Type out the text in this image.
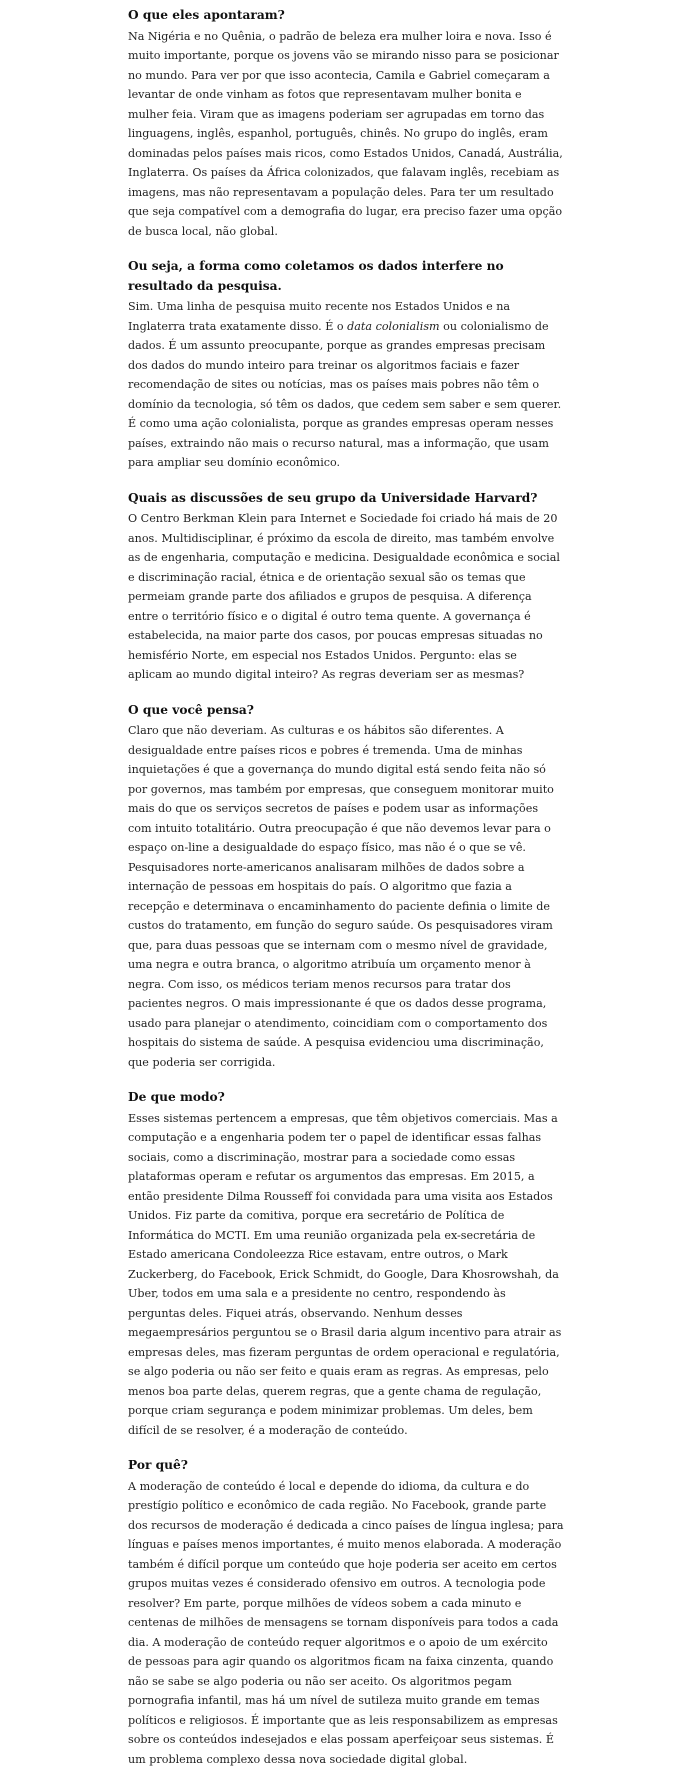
O que eles apontaram?

Na Nigéria e no Quênia, o padrão de beleza era mulher loira e nova. Isso é muito importante, porque os jovens vão se mirando nisso para se posicionar no mundo. Para ver por que isso acontecia, Camila e Gabriel começaram a levantar de onde vinham as fotos que representavam mulher bonita e mulher feia. Viram que as imagens poderiam ser agrupadas em torno das linguagens, inglês, espanhol, português, chinês. No grupo do inglês, eram dominadas pelos países mais ricos, como Estados Unidos, Canadá, Austrália, Inglaterra. Os países da África colonizados, que falavam inglês, recebiam as imagens, mas não representavam a população deles. Para ter um resultado que seja compatível com a demografia do lugar, era preciso fazer uma opção de busca local, não global.

Ou seja, a forma como coletamos os dados interfere no resultado da pesquisa.

Sim. Uma linha de pesquisa muito recente nos Estados Unidos e na Inglaterra trata exatamente disso. É o data colonialism ou colonialismo de dados. É um assunto preocupante, porque as grandes empresas precisam dos dados do mundo inteiro para treinar os algoritmos faciais e fazer recomendação de sites ou notícias, mas os países mais pobres não têm o domínio da tecnologia, só têm os dados, que cedem sem saber e sem querer. É como uma ação colonialista, porque as grandes empresas operam nesses países, extraindo não mais o recurso natural, mas a informação, que usam para ampliar seu domínio econômico.

Quais as discussões de seu grupo da Universidade Harvard?

O Centro Berkman Klein para Internet e Sociedade foi criado há mais de 20 anos. Multidisciplinar, é próximo da escola de direito, mas também envolve as de engenharia, computação e medicina. Desigualdade econômica e social e discriminação racial, étnica e de orientação sexual são os temas que permeiam grande parte dos afiliados e grupos de pesquisa. A diferença entre o território físico e o digital é outro tema quente. A governança é estabelecida, na maior parte dos casos, por poucas empresas situadas no hemisfério Norte, em especial nos Estados Unidos. Pergunto: elas se aplicam ao mundo digital inteiro? As regras deveriam ser as mesmas?

O que você pensa?

Claro que não deveriam. As culturas e os hábitos são diferentes. A desigualdade entre países ricos e pobres é tremenda. Uma de minhas inquietações é que a governança do mundo digital está sendo feita não só por governos, mas também por empresas, que conseguem monitorar muito mais do que os serviços secretos de países e podem usar as informações com intuito totalitário. Outra preocupação é que não devemos levar para o espaço on-line a desigualdade do espaço físico, mas não é o que se vê. Pesquisadores norte-americanos analisaram milhões de dados sobre a internação de pessoas em hospitais do país. O algoritmo que fazia a recepção e determinava o encaminhamento do paciente definia o limite de custos do tratamento, em função do seguro saúde. Os pesquisadores viram que, para duas pessoas que se internam com o mesmo nível de gravidade, uma negra e outra branca, o algoritmo atribuía um orçamento menor à negra. Com isso, os médicos teriam menos recursos para tratar dos pacientes negros. O mais impressionante é que os dados desse programa, usado para planejar o atendimento, coincidiam com o comportamento dos hospitais do sistema de saúde. A pesquisa evidenciou uma discriminação, que poderia ser corrigida.

De que modo?

Esses sistemas pertencem a empresas, que têm objetivos comerciais. Mas a computação e a engenharia podem ter o papel de identificar essas falhas sociais, como a discriminação, mostrar para a sociedade como essas plataformas operam e refutar os argumentos das empresas. Em 2015, a então presidente Dilma Rousseff foi convidada para uma visita aos Estados Unidos. Fiz parte da comitiva, porque era secretário de Política de Informática do MCTI. Em uma reunião organizada pela ex-secretária de Estado americana Condoleezza Rice estavam, entre outros, o Mark Zuckerberg, do Facebook, Erick Schmidt, do Google, Dara Khosrowshah, da Uber, todos em uma sala e a presidente no centro, respondendo às perguntas deles. Fiquei atrás, observando. Nenhum desses megaempresários perguntou se o Brasil daria algum incentivo para atrair as empresas deles, mas fizeram perguntas de ordem operacional e regulatória, se algo poderia ou não ser feito e quais eram as regras. As empresas, pelo menos boa parte delas, querem regras, que a gente chama de regulação, porque criam segurança e podem minimizar problemas. Um deles, bem difícil de se resolver, é a moderação de conteúdo.

Por quê?

A moderação de conteúdo é local e depende do idioma, da cultura e do prestígio político e econômico de cada região. No Facebook, grande parte dos recursos de moderação é dedicada a cinco países de língua inglesa; para línguas e países menos importantes, é muito menos elaborada. A moderação também é difícil porque um conteúdo que hoje poderia ser aceito em certos grupos muitas vezes é considerado ofensivo em outros. A tecnologia pode resolver? Em parte, porque milhões de vídeos sobem a cada minuto e centenas de milhões de mensagens se tornam disponíveis para todos a cada dia. A moderação de conteúdo requer algoritmos e o apoio de um exército de pessoas para agir quando os algoritmos ficam na faixa cinzenta, quando não se sabe se algo poderia ou não ser aceito. Os algoritmos pegam pornografia infantil, mas há um nível de sutileza muito grande em temas políticos e religiosos. É importante que as leis responsabilizem as empresas sobre os conteúdos indesejados e elas possam aperfeiçoar seus sistemas. É um problema complexo dessa nova sociedade digital global.
